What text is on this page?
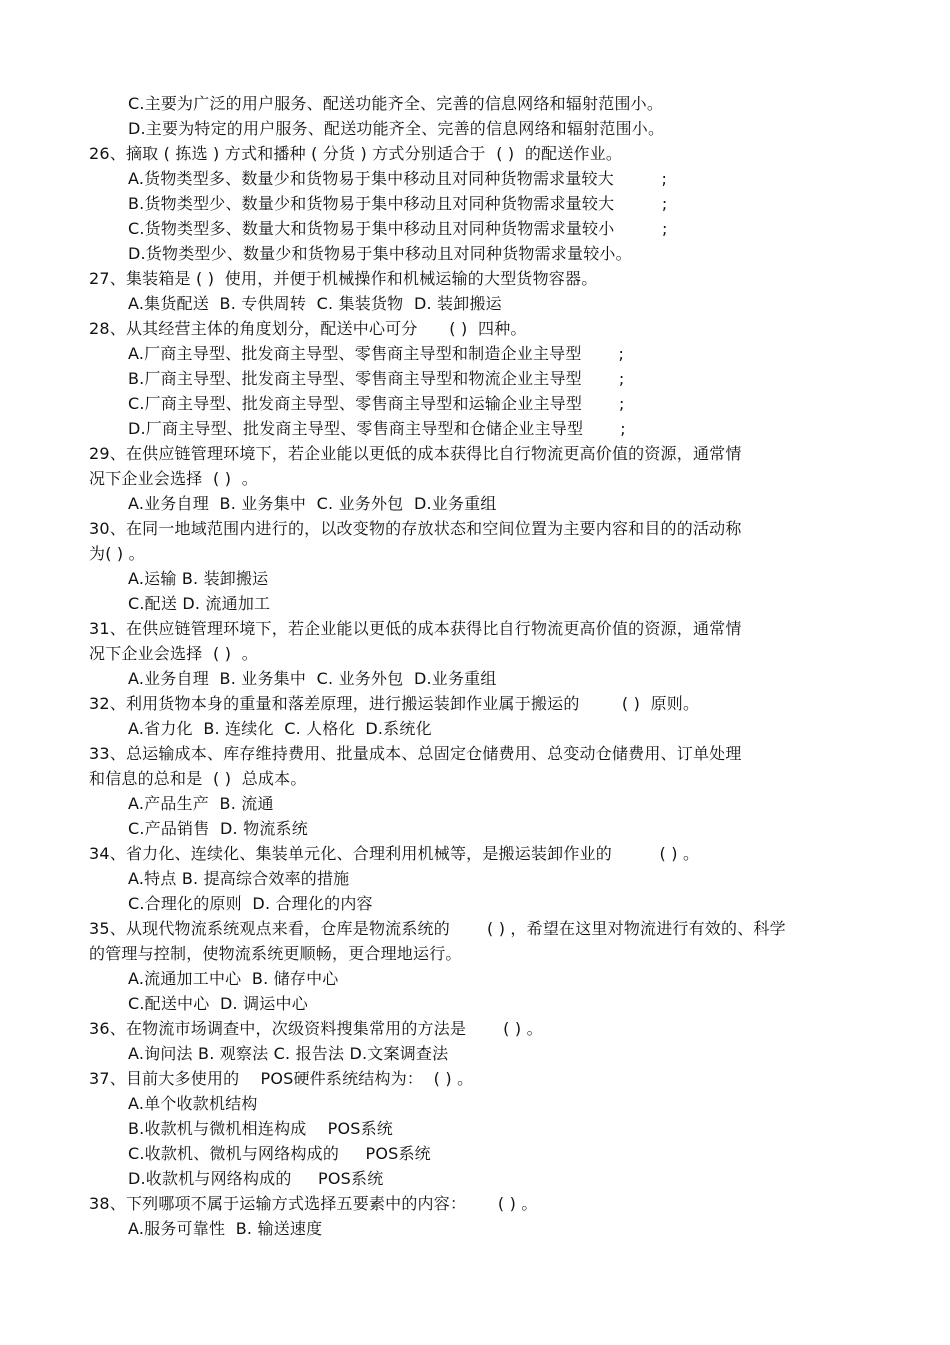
C.主要为广泛的用户服务、配送功能齐全、完善的信息网络和辐射范围小。
D.主要为特定的用户服务、配送功能齐全、完善的信息网络和辐射范围小。
26、摘取 ( 拣选 ) 方式和播种 ( 分货 ) 方式分别适合于  ( )  的配送作业。
A.货物类型多、数量少和货物易于集中移动且对同种货物需求量较大         ;
B.货物类型少、数量少和货物易于集中移动且对同种货物需求量较大         ;
C.货物类型多、数量大和货物易于集中移动且对同种货物需求量较小         ;
D.货物类型少、数量少和货物易于集中移动且对同种货物需求量较小。
27、集装箱是 ( )  使用，并便于机械操作和机械运输的大型货物容器。
A.集货配送  B. 专供周转  C. 集装货物  D. 装卸搬运
28、从其经营主体的角度划分，配送中心可分      ( )  四种。
A.厂商主导型、批发商主导型、零售商主导型和制造企业主导型       ;
B.厂商主导型、批发商主导型、零售商主导型和物流企业主导型       ;
C.厂商主导型、批发商主导型、零售商主导型和运输企业主导型       ;
D.厂商主导型、批发商主导型、零售商主导型和仓储企业主导型       ;
29、在供应链管理环境下，若企业能以更低的成本获得比自行物流更高价值的资源，通常情
况下企业会选择  ( )  。
A.业务自理  B. 业务集中  C. 业务外包  D.业务重组
30、在同一地域范围内进行的，以改变物的存放状态和空间位置为主要内容和目的的活动称
为( ) 。
A.运输 B. 装卸搬运
C.配送 D. 流通加工
31、在供应链管理环境下，若企业能以更低的成本获得比自行物流更高价值的资源，通常情
况下企业会选择  ( )  。
A.业务自理  B. 业务集中  C. 业务外包  D.业务重组
32、利用货物本身的重量和落差原理，进行搬运装卸作业属于搬运的        ( )  原则。
A.省力化  B. 连续化  C. 人格化  D.系统化
33、总运输成本、库存维持费用、批量成本、总固定仓储费用、总变动仓储费用、订单处理
和信息的总和是  ( )  总成本。
A.产品生产  B. 流通
C.产品销售  D. 物流系统
34、省力化、连续化、集装单元化、合理利用机械等，是搬运装卸作业的         ( ) 。
A.特点 B. 提高综合效率的措施
C.合理化的原则  D. 合理化的内容
35、从现代物流系统观点来看，仓库是物流系统的       ( ) ，希望在这里对物流进行有效的、科学
的管理与控制，使物流系统更顺畅，更合理地运行。
A.流通加工中心  B. 储存中心
C.配送中心  D. 调运中心
36、在物流市场调查中，次级资料搜集常用的方法是       ( ) 。
A.询问法 B. 观察法 C. 报告法 D.文案调查法
37、目前大多使用的    POS硬件系统结构为：  ( ) 。
A.单个收款机结构
B.收款机与微机相连构成    POS系统
C.收款机、微机与网络构成的     POS系统
D.收款机与网络构成的     POS系统
38、下列哪项不属于运输方式选择五要素中的内容：      ( ) 。
A.服务可靠性  B. 输送速度
